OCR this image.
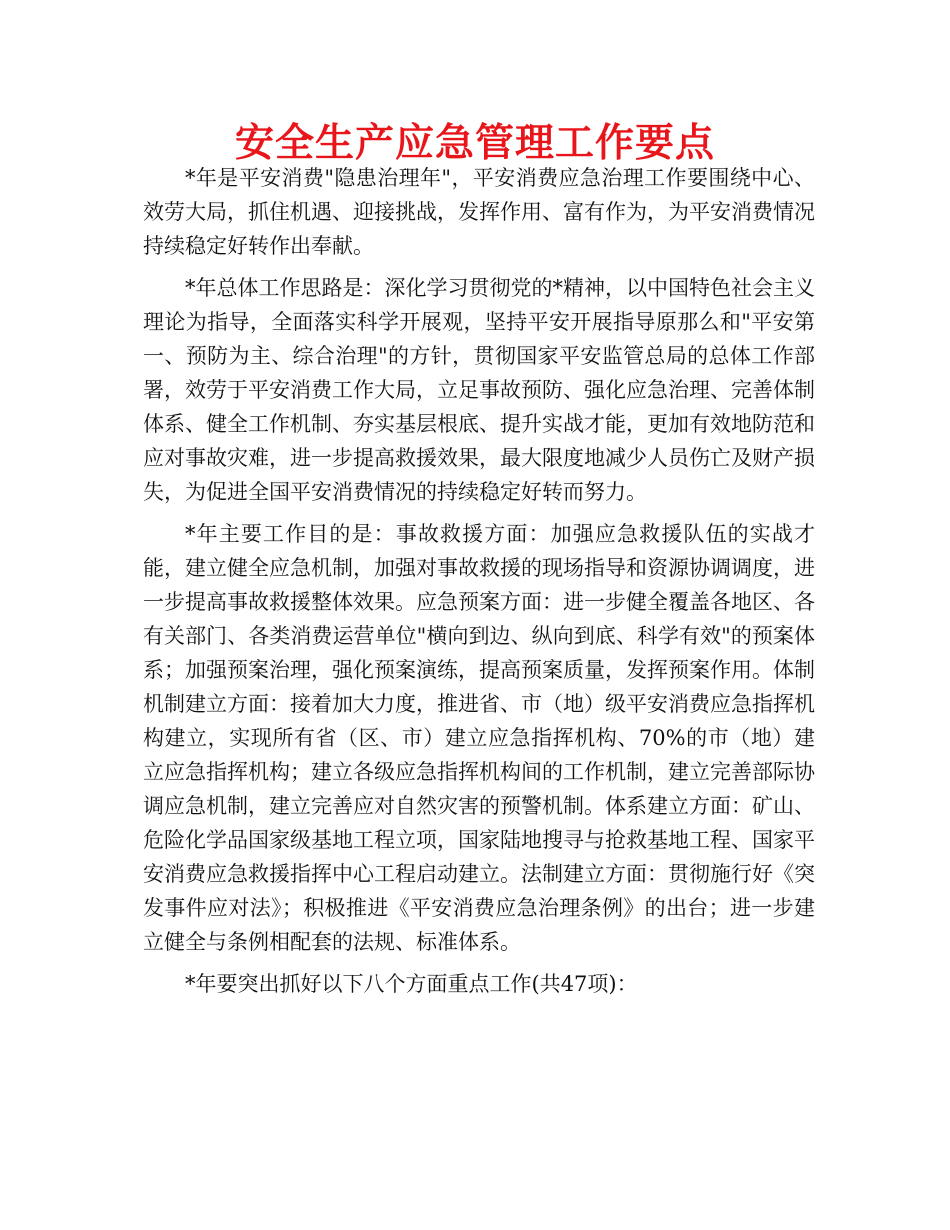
安全生产应急管理工作要点

*年是平安消费"隐患治理年"，平安消费应急治理工作要围绕中心、效劳大局，抓住机遇、迎接挑战，发挥作用、富有作为，为平安消费情况持续稳定好转作出奉献。

*年总体工作思路是：深化学习贯彻党的*精神，以中国特色社会主义理论为指导，全面落实科学开展观，坚持平安开展指导原那么和"平安第一、预防为主、综合治理"的方针，贯彻国家平安监管总局的总体工作部署，效劳于平安消费工作大局，立足事故预防、强化应急治理、完善体制体系、健全工作机制、夯实基层根底、提升实战才能，更加有效地防范和应对事故灾难，进一步提高救援效果，最大限度地减少人员伤亡及财产损失，为促进全国平安消费情况的持续稳定好转而努力。

*年主要工作目的是：事故救援方面：加强应急救援队伍的实战才能，建立健全应急机制，加强对事故救援的现场指导和资源协调调度，进一步提高事故救援整体效果。应急预案方面：进一步健全覆盖各地区、各有关部门、各类消费运营单位"横向到边、纵向到底、科学有效"的预案体系；加强预案治理，强化预案演练，提高预案质量，发挥预案作用。体制机制建立方面：接着加大力度，推进省、市（地）级平安消费应急指挥机构建立，实现所有省（区、市）建立应急指挥机构、70%的市（地）建立应急指挥机构；建立各级应急指挥机构间的工作机制，建立完善部际协调应急机制，建立完善应对自然灾害的预警机制。体系建立方面：矿山、危险化学品国家级基地工程立项，国家陆地搜寻与抢救基地工程、国家平安消费应急救援指挥中心工程启动建立。法制建立方面：贯彻施行好《突发事件应对法》；积极推进《平安消费应急治理条例》的出台；进一步建立健全与条例相配套的法规、标准体系。

*年要突出抓好以下八个方面重点工作(共47项)：
